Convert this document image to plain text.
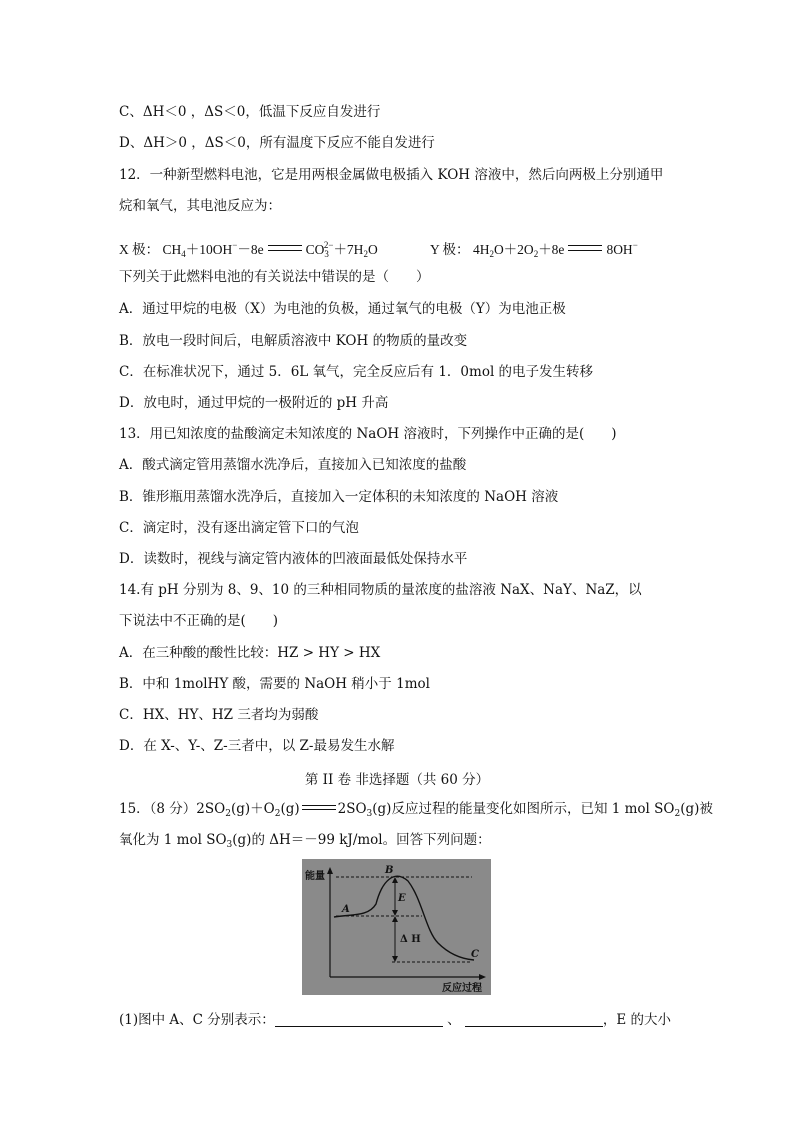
C、ΔH＜0 ，ΔS＜0，低温下反应自发进行
D、ΔH＞0 ，ΔS＜0，所有温度下反应不能自发进行
12．一种新型燃料电池，它是用两根金属做电极插入 KOH 溶液中，然后向两极上分别通甲
烷和氧气，其电池反应为：
X 极： $CH_4+10OH^--8e$	$CO_3^{2-}+7H_2O$	Y 极： $4H_2O+2O_2+8e$	8OH−
下列关于此燃料电池的有关说法中错误的是（　　）
A．通过甲烷的电极（X）为电池的负极，通过氧气的电极（Y）为电池正极
B．放电一段时间后，电解质溶液中 KOH 的物质的量改变
C．在标准状况下，通过 5．6L 氧气，完全反应后有 1．0mol 的电子发生转移
D．放电时，通过甲烷的一极附近的 pH 升高
13．用已知浓度的盐酸滴定未知浓度的 NaOH 溶液时，下列操作中正确的是(　　)
A．酸式滴定管用蒸馏水洗净后，直接加入已知浓度的盐酸
B．锥形瓶用蒸馏水洗净后，直接加入一定体积的未知浓度的 NaOH 溶液
C．滴定时，没有逐出滴定管下口的气泡
D．读数时，视线与滴定管内液体的凹液面最低处保持水平
14.有 pH 分别为 8、9、10 的三种相同物质的量浓度的盐溶液 NaX、NaY、NaZ，以
下说法中不正确的是(　　)
A．在三种酸的酸性比较：HZ > HY > HX
B．中和 1molHY 酸，需要的 NaOH 稍小于 1mol
C．HX、HY、HZ 三者均为弱酸
D．在 X-、Y-、Z-三者中，以 Z-最易发生水解
第 II 卷 非选择题（共 60 分）
15．（8 分）$2SO_2(g)+O_2(g)$	$2SO_3(g)$反应过程的能量变化如图所示，已知 1 mol $SO_2(g)$被
氧化为 1 mol $SO_3(g)$的 ΔH＝－99 kJ/mol。回答下列问题：
能量
反应过程
A
B
C
E
Δ H
(1)图中 A、C 分别表示：	、	，E 的大小
